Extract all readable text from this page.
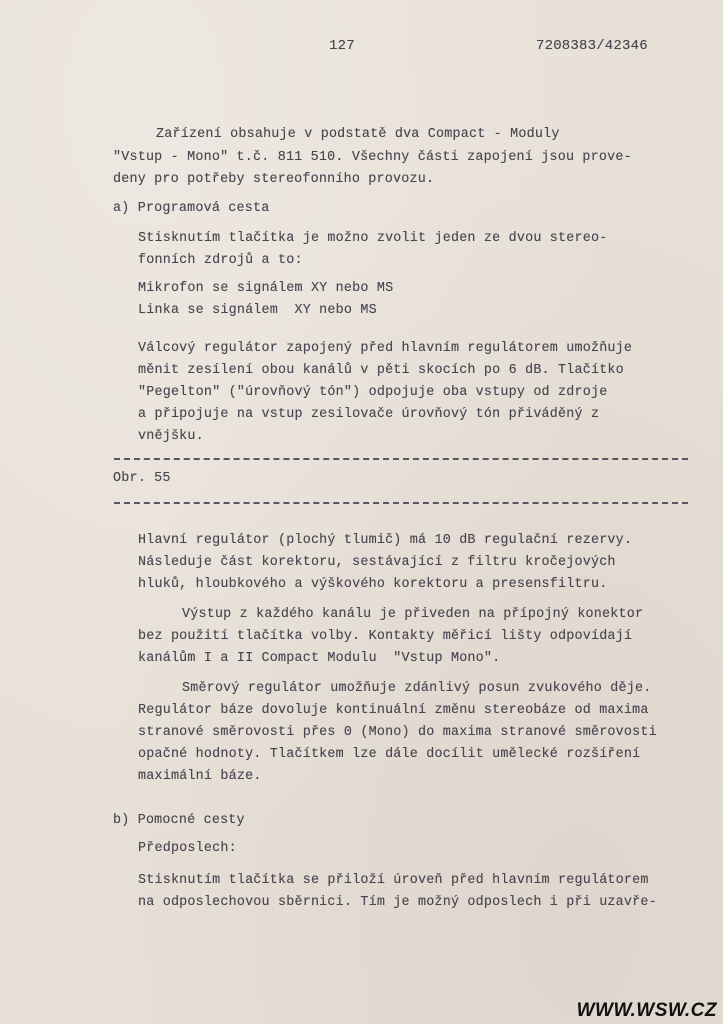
127	7208383/42346
Zařízení obsahuje v podstatě dva Compact - Moduly
"Vstup - Mono" t.č. 811 510. Všechny části zapojení jsou prove-
deny pro potřeby stereofonního provozu.
a) Programová cesta
Stisknutím tlačítka je možno zvolit jeden ze dvou stereo-
fonních zdrojů a to:
Mikrofon se signálem XY nebo MS
Linka se signálem  XY nebo MS
Válcový regulátor zapojený před hlavním regulátorem umožňuje
měnit zesílení obou kanálů v pěti skocích po 6 dB. Tlačítko
"Pegelton" ("úrovňový tón") odpojuje oba vstupy od zdroje
a připojuje na vstup zesilovače úrovňový tón přiváděný z
vnějšku.
Obr. 55
Hlavní regulátor (plochý tlumič) má 10 dB regulační rezervy.
Následuje část korektoru, sestávající z filtru kročejových
hluků, hloubkového a výškového korektoru a presensfiltru.
Výstup z každého kanálu je přiveden na přípojný konektor
bez použití tlačítka volby. Kontakty měřicí lišty odpovídají
kanálům I a II Compact Modulu  "Vstup Mono".
Směrový regulátor umožňuje zdánlivý posun zvukového děje.
Regulátor báze dovoluje kontinuální změnu stereobáze od maxima
stranové směrovosti přes 0 (Mono) do maxima stranové směrovosti
opačné hodnoty. Tlačítkem lze dále docílit umělecké rozšíření
maximální báze.
b) Pomocné cesty
Předposlech:
Stisknutím tlačítka se přiloží úroveň před hlavním regulátorem
na odposlechovou sběrnici. Tím je možný odposlech i při uzavře-
WWW.WSW.CZ
